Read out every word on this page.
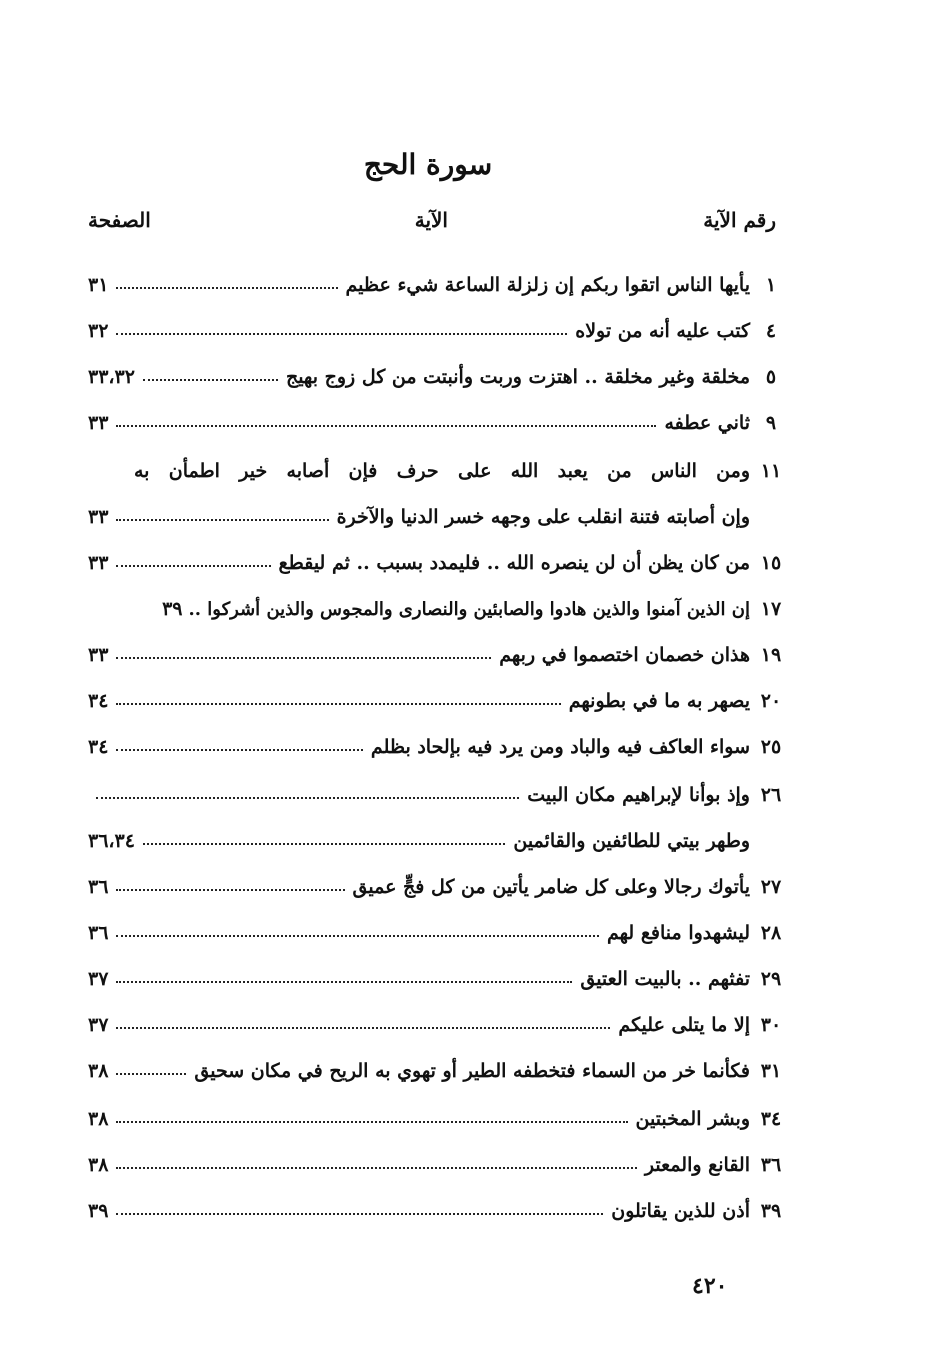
سورة الحج
رقم الآية
الآية
الصفحة
١
يأيها الناس اتقوا ربكم إن زلزلة الساعة شيء عظيم
٣١
٤
كتب عليه أنه من تولاه
٣٢
٥
مخلقة وغير مخلقة .. اهتزت وربت وأنبتت من كل زوج بهيج
٣٣،٣٢
٩
ثاني عطفه
٣٣
١١
ومن الناس من يعبد الله على حرف فإن أصابه خير اطمأن به
وإن أصابته فتنة انقلب على وجهه خسر الدنيا والآخرة
٣٣
١٥
من كان يظن أن لن ينصره الله .. فليمدد بسبب .. ثم ليقطع
٣٣
١٧
إن الذين آمنوا والذين هادوا والصابئين والنصارى والمجوس والذين أشركوا ..
٣٩
١٩
هذان خصمان اختصموا في ربهم
٣٣
٢٠
يصهر به ما في بطونهم
٣٤
٢٥
سواء العاكف فيه والباد ومن يرد فيه بإلحاد بظلم
٣٤
٢٦
وإذ بوأنا لإبراهيم مكان البيت
وطهر بيتي للطائفين والقائمين
٣٦،٣٤
٢٧
يأتوك رجالا وعلى كل ضامر يأتين من كل فجٍّ عميق
٣٦
٢٨
ليشهدوا منافع لهم
٣٦
٢٩
تفثهم .. بالبيت العتيق
٣٧
٣٠
إلا ما يتلى عليكم
٣٧
٣١
فكأنما خر من السماء فتخطفه الطير أو تهوي به الريح في مكان سحيق
٣٨
٣٤
وبشر المخبتين
٣٨
٣٦
القانع والمعتر
٣٨
٣٩
أذن للذين يقاتلون
٣٩
٤٢٠
